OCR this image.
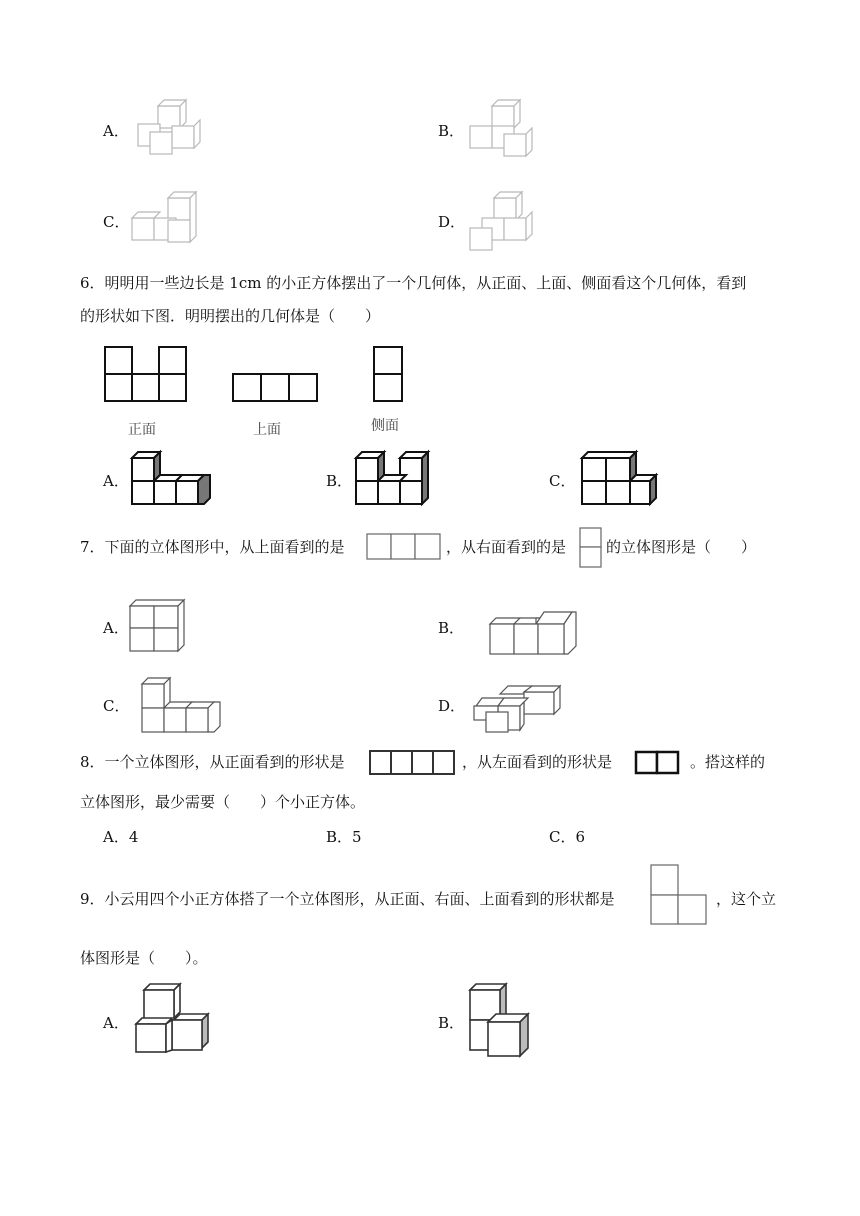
A．	B．
C．	D．
6．明明用一些边长是 1cm 的小正方体摆出了一个几何体，从正面、上面、侧面看这个几何体，看到
的形状如下图．明明摆出的几何体是（　　）
正面	上面	侧面
A．	B．	C．
7．下面的立体图形中，从上面看到的是	，从右面看到的是	的立体图形是（　　）
A．	B．
C．	D．
8．一个立体图形，从正面看到的形状是	，从左面看到的形状是	。搭这样的
立体图形，最少需要（　　）个小正方体。
A．4	B．5	C．6
9．小云用四个小正方体搭了一个立体图形，从正面、右面、上面看到的形状都是	，这个立
体图形是（　　）。
A．	B．
